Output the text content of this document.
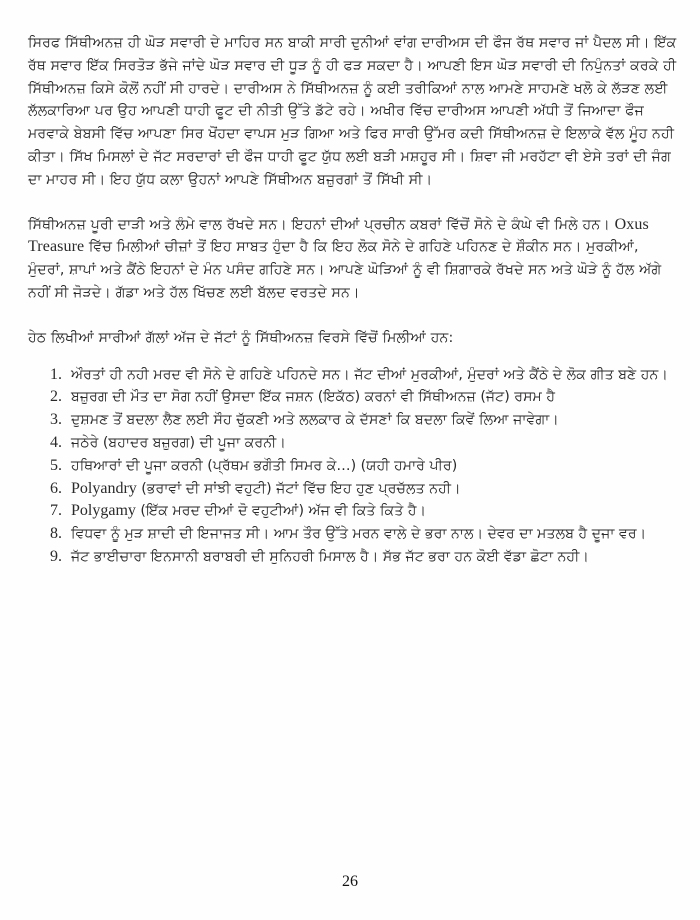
ਸਿਰਫ ਸਿੱਥੀਅਨਜ਼ ਹੀ ਘੋੜ ਸਵਾਰੀ ਦੇ ਮਾਹਿਰ ਸਨ ਬਾਕੀ ਸਾਰੀ ਦੁਨੀਆਂ ਵਾਂਗ ਦਾਰੀਅਸ ਦੀ ਫੌਜ ਰੱਥ ਸਵਾਰ ਜਾਂ ਪੈਦਲ ਸੀ। ਇੱਕ ਰੱਥ ਸਵਾਰ ਇੱਕ ਸਿਰਤੋੜ ਭੱਜੇ ਜਾਂਦੇ ਘੋੜ ਸਵਾਰ ਦੀ ਧੂੜ ਨੂੰ ਹੀ ਫੜ ਸਕਦਾ ਹੈ। ਆਪਣੀ ਇਸ ਘੋੜ ਸਵਾਰੀ ਦੀ ਨਿਪੁੰਨਤਾਂ ਕਰਕੇ ਹੀ ਸਿੱਥੀਅਨਜ਼ ਕਿਸੇ ਕੋਲੋਂ ਨਹੀਂ ਸੀ ਹਾਰਦੇ। ਦਾਰੀਅਸ ਨੇ ਸਿੱਥੀਅਨਜ਼ ਨੂੰ ਕਈ ਤਰੀਕਿਆਂ ਨਾਲ ਆਮਣੇ ਸਾਹਮਣੇ ਖਲੋ ਕੇ ਲੱੜਣ ਲਈ ਲੱਲਕਾਰਿਆ ਪਰ ਉਹ ਆਪਣੀ ਧਾਹੀ ਫੂਟ ਦੀ ਨੀਤੀ ਉੱਤੇ ਡੱਟੇ ਰਹੇ। ਅਖੀਰ ਵਿੱਚ ਦਾਰੀਅਸ ਆਪਣੀ ਅੱਧੀ ਤੋਂ ਜਿਆਦਾ ਫੌਜ ਮਰਵਾਕੇ ਬੇਬਸੀ ਵਿੱਚ ਆਪਣਾ ਸਿਰ ਖੋਂਹਦਾ ਵਾਪਸ ਮੁੜ ਗਿਆ ਅਤੇ ਫਿਰ ਸਾਰੀ ਉੱਮਰ ਕਦੀ ਸਿੱਥੀਅਨਜ਼ ਦੇ ਇਲਾਕੇ ਵੱਲ ਮੂੰਹ ਨਹੀ ਕੀਤਾ। ਸਿੱਖ ਮਿਸਲਾਂ ਦੇ ਜੱਟ ਸਰਦਾਰਾਂ ਦੀ ਫੌਜ ਧਾਹੀ ਫੂਟ ਯੁੱਧ ਲਈ ਬੜੀ ਮਸ਼ਹੂਰ ਸੀ। ਸ਼ਿਵਾ ਜੀ ਮਰਹੱਟਾ ਵੀ ਏਸੇ ਤਰਾਂ ਦੀ ਜੰਗ ਦਾ ਮਾਹਰ ਸੀ। ਇਹ ਯੁੱਧ ਕਲਾ ਉਹਨਾਂ ਆਪਣੇ ਸਿੱਥੀਅਨ ਬਜ਼ੁਰਗਾਂ ਤੋਂ ਸਿੱਖੀ ਸੀ।

ਸਿੱਥੀਅਨਜ਼ ਪੂਰੀ ਦਾੜੀ ਅਤੇ ਲੰਮੇ ਵਾਲ ਰੱਖਦੇ ਸਨ। ਇਹਨਾਂ ਦੀਆਂ ਪ੍ਰਚੀਨ ਕਬਰਾਂ ਵਿੱਚੋਂ ਸੋਨੇ ਦੇ ਕੰਘੇ ਵੀ ਮਿਲੇ ਹਨ। Oxus Treasure ਵਿੱਚ ਮਿਲੀਆਂ ਚੀਜ਼ਾਂ ਤੋਂ ਇਹ ਸਾਬਤ ਹੁੰਦਾ ਹੈ ਕਿ ਇਹ ਲੋਕ ਸੋਨੇ ਦੇ ਗਹਿਣੇ ਪਹਿਨਣ ਦੇ ਸ਼ੌਕੀਨ ਸਨ। ਮੁਰਕੀਆਂ, ਮੁੰਦਰਾਂ, ਸ਼ਾਪਾਂ ਅਤੇ ਕੈਂਠੇ ਇਹਨਾਂ ਦੇ ਮੰਨ ਪਸੰਦ ਗਹਿਣੇ ਸਨ। ਆਪਣੇ ਘੋੜਿਆਂ ਨੂੰ ਵੀ ਸ਼ਿਗਾਰਕੇ ਰੱਖਦੇ ਸਨ ਅਤੇ ਘੋੜੇ ਨੂੰ ਹੱਲ ਅੱਗੇ ਨਹੀਂ ਸੀ ਜੋੜਦੇ। ਗੱਡਾ ਅਤੇ ਹੱਲ ਖਿੱਚਣ ਲਈ ਬੱਲਦ ਵਰਤਦੇ ਸਨ।

ਹੇਠ ਲਿਖੀਆਂ ਸਾਰੀਆਂ ਗੱਲਾਂ ਅੱਜ ਦੇ ਜੱਟਾਂ ਨੂੰ ਸਿੱਥੀਅਨਜ਼ ਵਿਰਸੇ ਵਿੱਚੋਂ ਮਿਲੀਆਂ ਹਨ:

1. ਔਰਤਾਂ ਹੀ ਨਹੀ ਮਰਦ ਵੀ ਸੋਨੇ ਦੇ ਗਹਿਣੇ ਪਹਿਨਦੇ ਸਨ। ਜੱਟ ਦੀਆਂ ਮੁਰਕੀਆਂ, ਮੁੰਦਰਾਂ ਅਤੇ ਕੈਂਠੇ ਦੇ ਲੋਕ ਗੀਤ ਬਣੇ ਹਨ।
2. ਬਜ਼ੁਰਗ ਦੀ ਮੌਤ ਦਾ ਸੋਗ ਨਹੀਂ ਉਸਦਾ ਇੱਕ ਜਸ਼ਨ (ਇਕੱਠ) ਕਰਨਾਂ ਵੀ ਸਿੱਥੀਅਨਜ਼ (ਜੱਟ) ਰਸਮ ਹੈ
3. ਦੁਸ਼ਮਣ ਤੋਂ ਬਦਲਾ ਲੈਣ ਲਈ ਸੌਹ ਚੁੱਕਣੀ ਅਤੇ ਲਲਕਾਰ ਕੇ ਦੱਸਣਾਂ ਕਿ ਬਦਲਾ ਕਿਵੇਂ ਲਿਆ ਜਾਵੇਗਾ।
4. ਜਠੇਰੇ (ਬਹਾਦਰ ਬਜ਼ੁਰਗ) ਦੀ ਪੂਜਾ ਕਰਨੀ।
5. ਹਥਿਆਰਾਂ ਦੀ ਪੂਜਾ ਕਰਨੀ (ਪ੍ਰੱਥਮ ਭਗੌਤੀ ਸਿਮਰ ਕੇ…) (ਯਹੀ ਹਮਾਰੇ ਪੀਰ)
6. Polyandry (ਭਰਾਵਾਂ ਦੀ ਸਾਂਝੀ ਵਹੁਟੀ) ਜੱਟਾਂ ਵਿੱਚ ਇਹ ਹੁਣ ਪ੍ਰਚੱਲਤ ਨਹੀ।
7. Polygamy (ਇੱਕ ਮਰਦ ਦੀਆਂ ਦੋ ਵਹੁਟੀਆਂ) ਅੱਜ ਵੀ ਕਿਤੇ ਕਿਤੇ ਹੈ।
8. ਵਿਧਵਾ ਨੂੰ ਮੁੜ ਸ਼ਾਦੀ ਦੀ ਇਜਾਜਤ ਸੀ। ਆਮ ਤੌਰ ਉੱਤੇ ਮਰਨ ਵਾਲੇ ਦੇ ਭਰਾ ਨਾਲ। ਦੇਵਰ ਦਾ ਮਤਲਬ ਹੈ ਦੂਜਾ ਵਰ।
9. ਜੱਟ ਭਾਈਚਾਰਾ ਇਨਸਾਨੀ ਬਰਾਬਰੀ ਦੀ ਸੁਨਿਹਰੀ ਮਿਸਾਲ ਹੈ। ਸੱਭ ਜੱਟ ਭਰਾ ਹਨ ਕੋਈ ਵੱਡਾ ਛੋਟਾ ਨਹੀ।
26
